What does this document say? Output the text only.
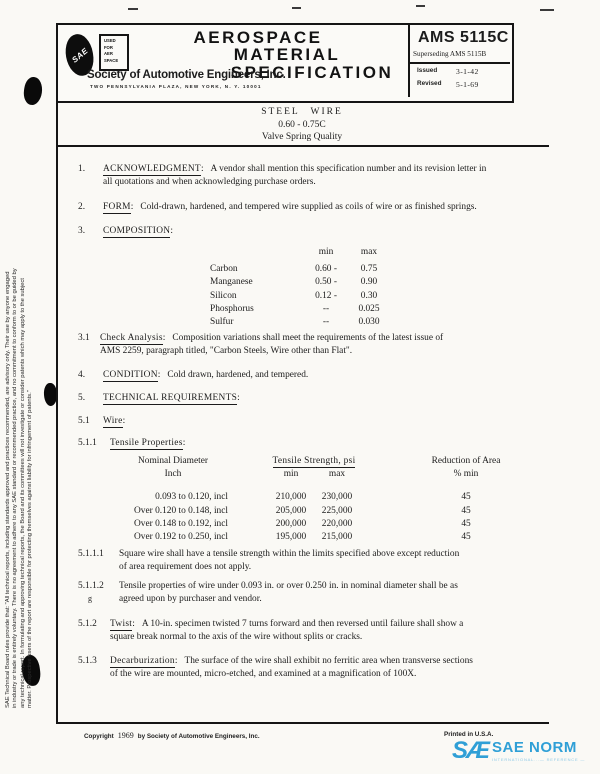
SAE Technical Board rules provide that: "All technical reports, including standards approved and practices recommended, are advisory only. Their use by anyone engaged in industry or trade is entirely voluntary. There is no agreement to adhere to any SAE standard or recommended practice, and no commitment to conform to or be guided by any technical report. In formulating and approving technical reports, the Board and its committees will not investigate or consider patents which may apply to the subject matter. Prospective users of the report are responsible for protecting themselves against liability for infringement of patents."
SAE
USED
FOR
AER
SPACE
AEROSPACE
MATERIAL
SPECIFICATION
Society of Automotive Engineers, Inc.
TWO PENNSYLVANIA PLAZA, NEW YORK, N. Y. 10001
AMS 5115C
Superseding AMS 5115B
Issued 3-1-42
Revised 5-1-69
STEEL WIRE
0.60 - 0.75C
Valve Spring Quality
1. ACKNOWLEDGMENT: A vendor shall mention this specification number and its revision letter in
all quotations and when acknowledging purchase orders.
2. FORM: Cold-drawn, hardened, and tempered wire supplied as coils of wire or as finished springs.
3. COMPOSITION:
min	max
Carbon	0.60 -	0.75
Manganese	0.50 -	0.90
Silicon	0.12 -	0.30
Phosphorus	--	0.025
Sulfur	--	0.030
3.1 Check Analysis: Composition variations shall meet the requirements of the latest issue of
AMS 2259, paragraph titled, "Carbon Steels, Wire other than Flat".
4. CONDITION: Cold drawn, hardened, and tempered.
5. TECHNICAL REQUIREMENTS:
5.1 Wire:
5.1.1 Tensile Properties:
Nominal Diameter	Tensile Strength, psi	Reduction of Area
Inch	min	max	% min
0.093 to 0.120, incl	210,000	230,000	45
Over 0.120 to 0.148, incl	205,000	225,000	45
Over 0.148 to 0.192, incl	200,000	220,000	45
Over 0.192 to 0.250, incl	195,000	215,000	45
5.1.1.1 Square wire shall have a tensile strength within the limits specified above except reduction
of area requirement does not apply.
5.1.1.2
g
Tensile properties of wire under 0.093 in. or over 0.250 in. in nominal diameter shall be as
agreed upon by purchaser and vendor.
5.1.2 Twist: A 10-in. specimen twisted 7 turns forward and then reversed until failure shall show a
square break normal to the axis of the wire without splits or cracks.
5.1.3 Decarburization: The surface of the wire shall exhibit no ferritic area when transverse sections
of the wire are mounted, micro-etched, and examined at a magnification of 100X.
Copyright 1969 by Society of Automotive Engineers, Inc.	Printed in U.S.A.
SÆ SAE NORM
INTERNATIONAL... — REFERENCE —
